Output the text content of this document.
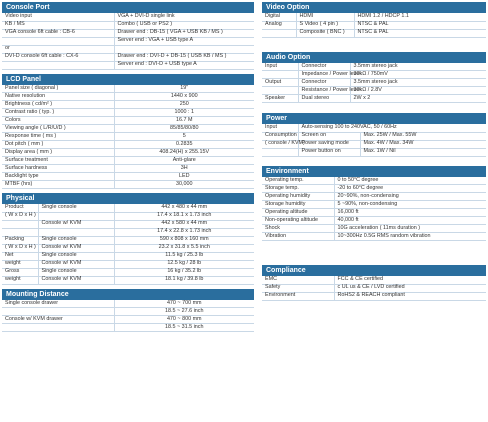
Console Port
Video input	VGA + DVI-D single link
KB / MS	Combo ( USB or PS2 )
VGA console 6ft cable : CB-6	Drawer end : DB-15 ( VGA + USB KB / MS )
	Server end : VGA + USB type A
or	
DVI-D console 6ft cable : CX-6	Drawer end : DVI-D + DB-15 ( USB KB / MS )
	Server end : DVI-D + USB type A
LCD Panel
Panel size ( diagonal )	19"
Native resolution	1440 x 900
Brightness ( cd/m² )	250
Contrast ratio ( typ. )	1000 : 1
Colors	16.7 M
Viewing angle ( L/R/U/D )	85/85/80/80
Response time ( ms )	5
Dot pitch ( mm )	0.2835
Display area ( mm )	408.24(H) x 255.15V
Surface treatment	Anti-glare
Surface hardness	3H
Backlight type	LED
MTBF (hrs)	30,000
Physical
Product	Single console	442 x 480 x 44 mm
( W x D x H )		17.4 x 18.1 x 1.73 inch
	Console w/ KVM	442 x 580 x 44 mm
		17.4 x 22.8 x 1.73 inch
Packing	Single console	590 x 808 x 160 mm
( W x D x H )	Console w/ KVM	23.2 x 31.8 x 5.5 inch
Net	Single console	11.5 kg / 25.3 lb
weight	Console w/ KVM	12.5 kg / 28 lb
Gross	Single console	16 kg / 35.2 lb
weight	Console w/ KVM	18.1 kg / 39.8 lb
Mounting Distance
Single console drawer	470 ~ 700 mm
	18.5 ~ 27.6 inch
Console w/ KVM drawer	470 ~ 800 mm
	18.5 ~ 31.5 inch
Video Option
Digital	HDMI	HDMI 1.2 / HDCP 1.1
Analog	S Video ( 4 pin )	NTSC & PAL
	Composite ( BNC )	NTSC & PAL
Audio Option
Input	Connector	3.5mm stereo jack
	Impedance / Power level	30kΩ / 750mV
Output	Connector	3.5mm stereo jack
	Resistance / Power level	30kΩ / 2.8V
Speaker	Dual stereo	2W x 2
Power
Input	Auto-sensing 100 to 240VAC, 50 / 60Hz	
Consumption	Screen on	Max. 25W / Max. 55W
( console / KVM)	Power saving mode	Max. 4W / Max. 34W
	Power button on	Max. 1W / Nil
Environment
Operating temp.	0 to 50°C degree
Storage temp.	-20 to 60°C degree
Operating humidity	20~90%, non-condensing
Storage humidity	5 ~90%, non-condensing
Operating altitude	16,000 ft
Non-operating altitude	40,000 ft
Shock	10G acceleration ( 11ms duration )
Vibration	10~300Hz 0.5G RMS random vibration
Compliance
EMC	FCC & CE certified
Safety	c UL us & CE / LVD certified
Environment	RoHS2 & REACH compliant
